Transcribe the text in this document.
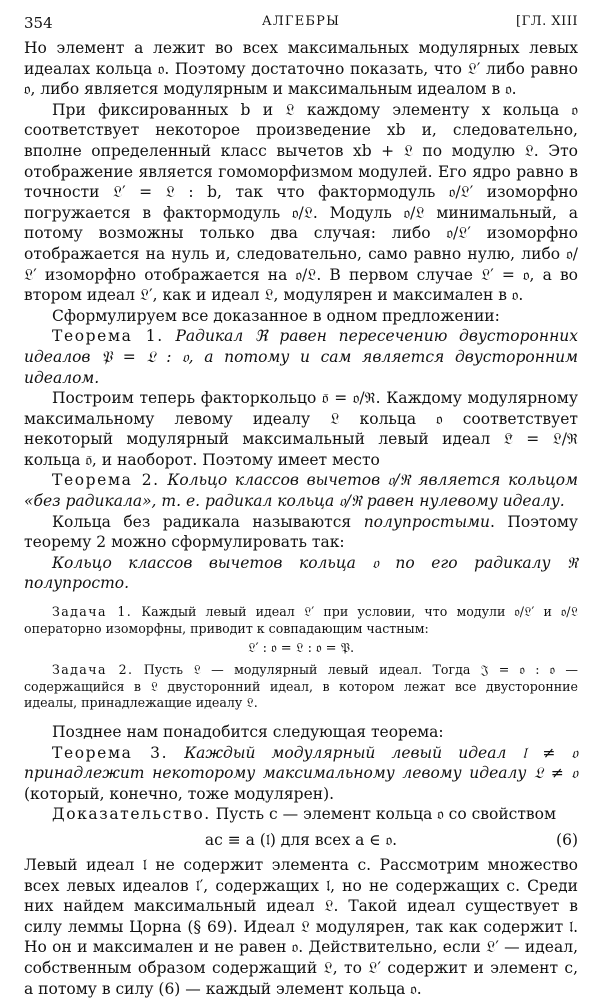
354	АЛГЕБРЫ	[ГЛ. XIII

Но элемент a лежит во всех максимальных модулярных левых идеалах кольца 𝔬. Поэтому достаточно показать, что 𝔏′ либо равно 𝔬, либо является модулярным и максимальным идеалом в 𝔬.

При фиксированных b и 𝔏 каждому элементу x кольца 𝔬 соответствует некоторое произведение xb и, следовательно, вполне определенный класс вычетов xb + 𝔏 по модулю 𝔏. Это отображение является гомоморфизмом модулей. Его ядро равно в точности 𝔏′ = 𝔏 : b, так что фактормодуль 𝔬/𝔏′ изоморфно погружается в фактормодуль 𝔬/𝔏. Модуль 𝔬/𝔏 минимальный, а потому возможны только два случая: либо 𝔬/𝔏′ изоморфно отображается на нуль и, следовательно, само равно нулю, либо 𝔬/𝔏′ изоморфно отображается на 𝔬/𝔏. В первом случае 𝔏′ = 𝔬, а во втором идеал 𝔏′, как и идеал 𝔏, модулярен и максимален в 𝔬.

Сформулируем все доказанное в одном предложении:

Теорема 1. Радикал ℜ равен пересечению двусторонних идеалов 𝔓 = 𝔏 : 𝔬, а потому и сам является двусторонним идеалом.

Построим теперь факторкольцо 𝔬̄ = 𝔬/ℜ. Каждому модулярному максимальному левому идеалу 𝔏 кольца 𝔬 соответствует некоторый модулярный максимальный левый идеал 𝔏̄ = 𝔏/ℜ кольца 𝔬̄, и наоборот. Поэтому имеет место

Теорема 2. Кольцо классов вычетов 𝔬/ℜ является кольцом «без радикала», т. е. радикал кольца 𝔬/ℜ равен нулевому идеалу.

Кольца без радикала называются полупростыми. Поэтому теорему 2 можно сформулировать так:

Кольцо классов вычетов кольца 𝔬 по его радикалу ℜ полупросто.

Задача 1. Каждый левый идеал 𝔏′ при условии, что модули 𝔬/𝔏′ и 𝔬/𝔏 операторно изоморфны, приводит к совпадающим частным:

𝔏′ : 𝔬 = 𝔏 : 𝔬 = 𝔓.

Задача 2. Пусть 𝔏 — модулярный левый идеал. Тогда 𝔍 = 𝔬 : 𝔬 — содержащийся в 𝔏 двусторонний идеал, в котором лежат все двусторонние идеалы, принадлежащие идеалу 𝔏.

Позднее нам понадобится следующая теорема:

Теорема 3. Каждый модулярный левый идеал 𝔩 ≠ 𝔬 принадлежит некоторому максимальному левому идеалу 𝔏 ≠ 𝔬 (который, конечно, тоже модулярен).

Доказательство. Пусть c — элемент кольца 𝔬 со свойством

ac ≡ a (𝔩) для всех a ∈ 𝔬.	(6)

Левый идеал 𝔩 не содержит элемента c. Рассмотрим множество всех левых идеалов 𝔩′, содержащих 𝔩, но не содержащих c. Среди них найдем максимальный идеал 𝔏. Такой идеал существует в силу леммы Цорна (§ 69). Идеал 𝔏 модулярен, так как содержит 𝔩. Но он и максимален и не равен 𝔬. Действительно, если 𝔏′ — идеал, собственным образом содержащий 𝔏, то 𝔏′ содержит и элемент c, а потому в силу (6) — каждый элемент кольца 𝔬.
